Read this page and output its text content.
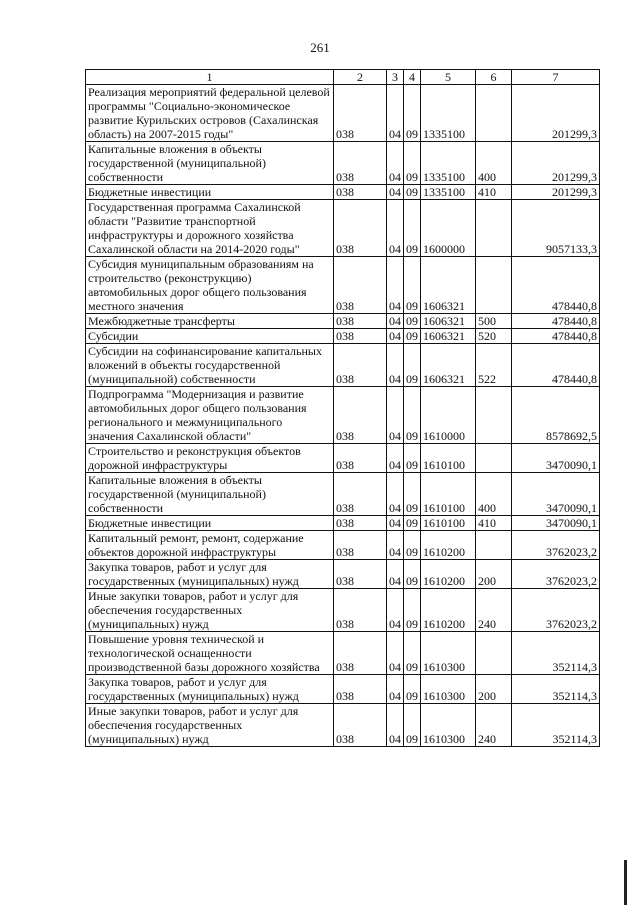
261
1	2	3	4	5	6	7
Реализация мероприятий федеральной целевой программы "Социально-экономическое развитие Курильских островов (Сахалинская область) на 2007-2015 годы"	038	04	09	1335100		201299,3
Капитальные вложения в объекты государственной (муниципальной) собственности	038	04	09	1335100	400	201299,3
Бюджетные инвестиции	038	04	09	1335100	410	201299,3
Государственная программа Сахалинской области "Развитие транспортной инфраструктуры и дорожного хозяйства Сахалинской области на 2014-2020 годы"	038	04	09	1600000		9057133,3
Субсидия муниципальным образованиям на строительство (реконструкцию) автомобильных дорог общего пользования местного значения	038	04	09	1606321		478440,8
Межбюджетные трансферты	038	04	09	1606321	500	478440,8
Субсидии	038	04	09	1606321	520	478440,8
Субсидии на софинансирование капитальных вложений в объекты государственной (муниципальной) собственности	038	04	09	1606321	522	478440,8
Подпрограмма "Модернизация и развитие автомобильных дорог общего пользования регионального и межмуниципального значения Сахалинской области"	038	04	09	1610000		8578692,5
Строительство и реконструкция объектов дорожной инфраструктуры	038	04	09	1610100		3470090,1
Капитальные вложения в объекты государственной (муниципальной) собственности	038	04	09	1610100	400	3470090,1
Бюджетные инвестиции	038	04	09	1610100	410	3470090,1
Капитальный ремонт, ремонт, содержание объектов дорожной инфраструктуры	038	04	09	1610200		3762023,2
Закупка товаров, работ и услуг для государственных (муниципальных) нужд	038	04	09	1610200	200	3762023,2
Иные закупки товаров, работ и услуг для обеспечения государственных (муниципальных) нужд	038	04	09	1610200	240	3762023,2
Повышение уровня технической и технологической оснащенности производственной базы дорожного хозяйства	038	04	09	1610300		352114,3
Закупка товаров, работ и услуг для государственных (муниципальных) нужд	038	04	09	1610300	200	352114,3
Иные закупки товаров, работ и услуг для обеспечения государственных (муниципальных) нужд	038	04	09	1610300	240	352114,3
